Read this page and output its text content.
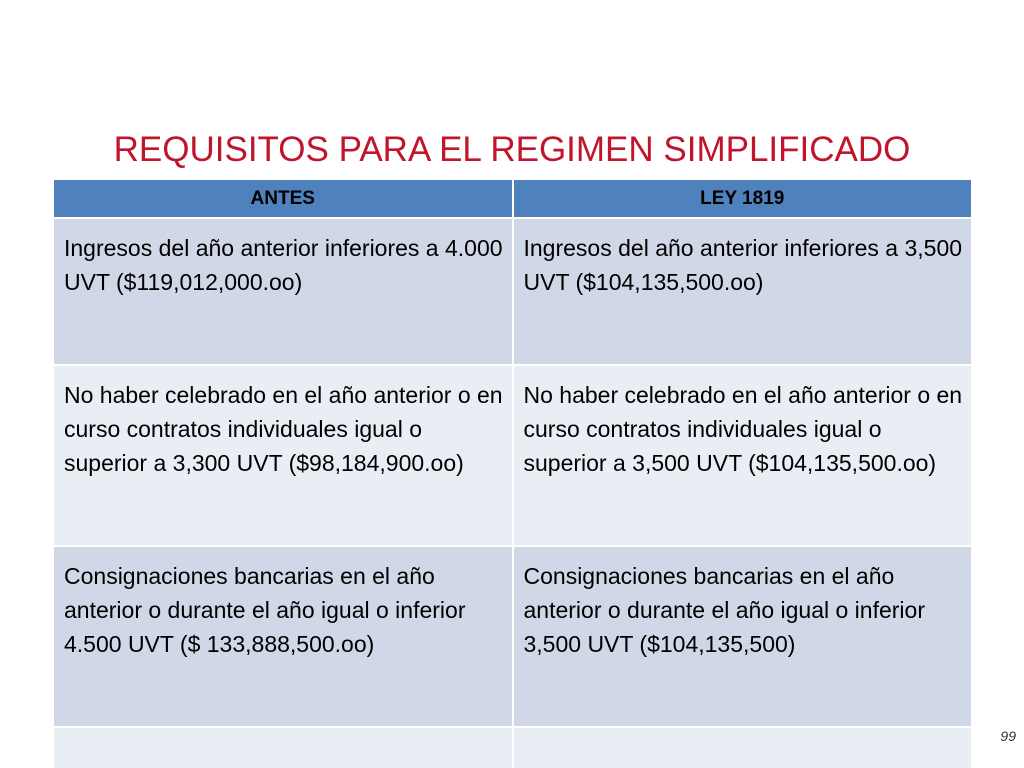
REQUISITOS PARA EL REGIMEN SIMPLIFICADO
ANTES	LEY 1819
Ingresos del año anterior inferiores a 4.000 UVT ($119,012,000.oo)	Ingresos del año anterior inferiores a 3,500 UVT ($104,135,500.oo)
No haber celebrado en el año anterior o en curso contratos individuales igual o superior a 3,300 UVT ($98,184,900.oo)	No haber celebrado en el año anterior o en curso contratos individuales igual o superior a 3,500 UVT ($104,135,500.oo)
Consignaciones bancarias en el año anterior o durante el año igual o inferior 4.500 UVT ($ 133,888,500.oo)	Consignaciones bancarias en el año anterior o durante el año igual o inferior 3,500 UVT ($104,135,500)

99
